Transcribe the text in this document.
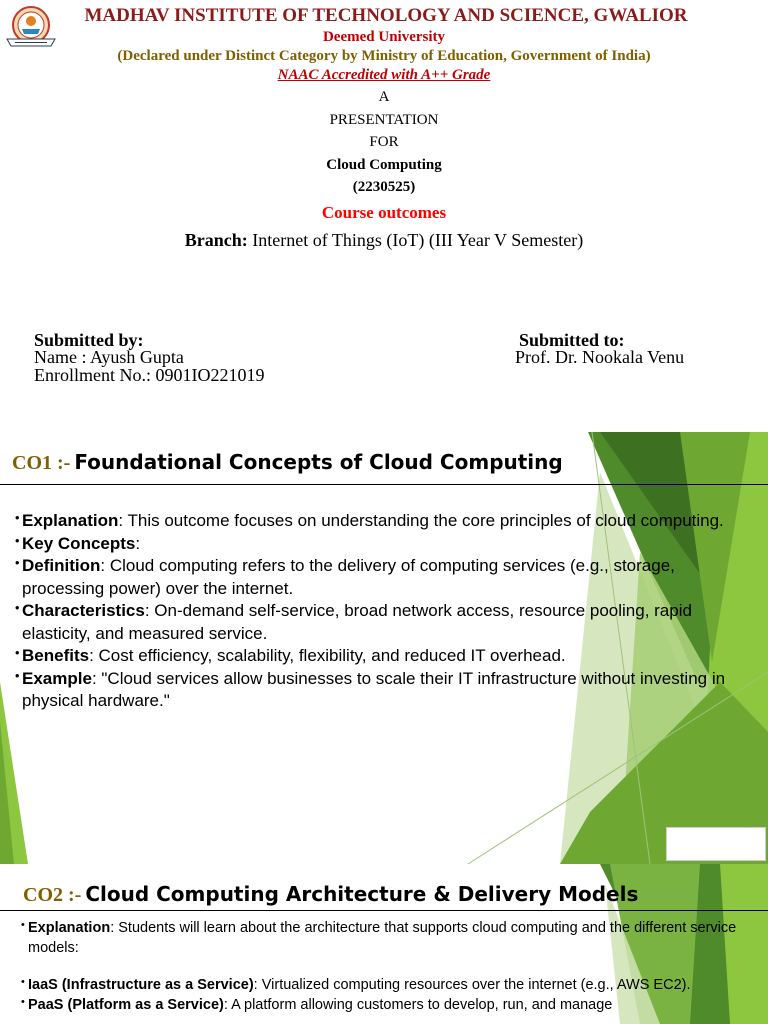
MADHAV INSTITUTE OF TECHNOLOGY AND SCIENCE, GWALIOR
Deemed University
(Declared under Distinct Category by Ministry of Education, Government of India)
NAAC Accredited with A++ Grade
A
PRESENTATION
FOR
Cloud Computing
(2230525)
Course outcomes
Branch: Internet of Things (IoT) (III Year V Semester)
Submitted by:
Name : Ayush Gupta
Enrollment No.: 0901IO221019
Submitted to:
Prof. Dr. Nookala Venu
CO1 :- Foundational Concepts of Cloud Computing
• Explanation: This outcome focuses on understanding the core principles of cloud computing.
• Key Concepts:
• Definition: Cloud computing refers to the delivery of computing services (e.g., storage, processing power) over the internet.
• Characteristics: On-demand self-service, broad network access, resource pooling, rapid elasticity, and measured service.
• Benefits: Cost efficiency, scalability, flexibility, and reduced IT overhead.
• Example: "Cloud services allow businesses to scale their IT infrastructure without investing in physical hardware."
CO2 :- Cloud Computing Architecture & Delivery Models
• Explanation: Students will learn about the architecture that supports cloud computing and the different service models:
• IaaS (Infrastructure as a Service): Virtualized computing resources over the internet (e.g., AWS EC2).
• PaaS (Platform as a Service): A platform allowing customers to develop, run, and manage
